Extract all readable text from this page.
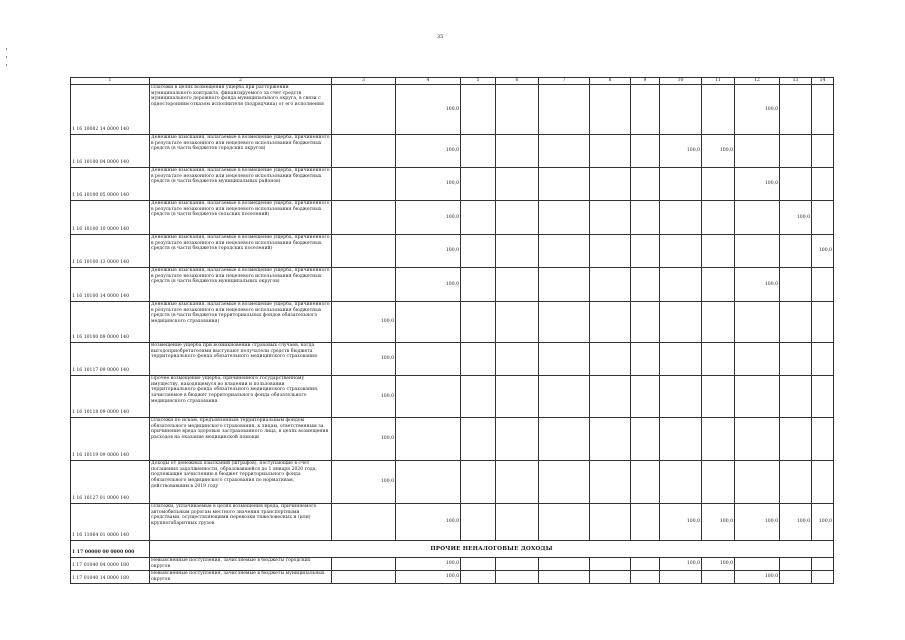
35
1	2	3	4	5	6	7	8	9	10	11	12	13	14
1 16 10082 14 0000 140	Платежи в целях возмещения ущерба при расторжении муниципального контракта, финансируемого за счет средств муниципального дорожного фонда муниципального округа, в связи с односторонним отказом исполнителя (подрядчика) от его исполнения		100,0								100,0		
1 16 10100 04 0000 140	Денежные взыскания, налагаемые в возмещение ущерба, причиненного в результате незаконного или нецелевого использования бюджетных средств (в части бюджетов городских округов)		100,0						100,0	100,0			
1 16 10100 05 0000 140	Денежные взыскания, налагаемые в возмещение ущерба, причиненного в результате незаконного или нецелевого использования бюджетных средств (в части бюджетов муниципальных районов)		100,0								100,0		
1 16 10100 10 0000 140	Денежные взыскания, налагаемые в возмещение ущерба, причиненного в результате незаконного или нецелевого использования бюджетных средств (в части бюджетов сельских поселений)		100,0									100,0	
1 16 10100 13 0000 140	Денежные взыскания, налагаемые в возмещение ущерба, причиненного в результате незаконного или нецелевого использования бюджетных средств (в части бюджетов городских поселений)		100,0										100,0
1 16 10100 14 0000 140	Денежные взыскания, налагаемые в возмещение ущерба, причиненного в результате незаконного или нецелевого использования бюджетных средств (в части бюджетов муниципальных округов)		100,0								100,0		
1 16 10100 09 0000 140	Денежные взыскания, налагаемые в возмещение ущерба, причиненного в результате незаконного или нецелевого использования бюджетных средств (в части бюджетов территориальных фондов обязательного медицинского страхования)	100,0											
1 16 10117 09 0000 140	Возмещение ущерба при возникновении страховых случаев, когда выгодоприобретателями выступают получатели средств бюджета территориального фонда обязательного медицинского страхования	100,0											
1 16 10118 09 0000 140	Прочее возмещение ущерба, причиненного государственному имуществу, находящемуся во владении и пользовании территориального фонда обязательного медицинского страхования, зачисляемое в бюджет территориального фонда обязательного медицинского страхования	100,0											
1 16 10119 09 0000 140	Платежи по искам, предъявленным территориальным фондом обязательного медицинского страхования, к лицам, ответственным за причинение вреда здоровью застрахованного лица, в целях возмещения расходов на оказание медицинской помощи	100,0											
1 16 10127 01 0000 140	Доходы от денежных взысканий (штрафов), поступающие в счет погашения задолженности, образовавшейся до 1 января 2020 года, подлежащие зачислению в бюджет территориального фонда обязательного медицинского страхования по нормативам, действовавшим в 2019 году	100,0											
1 16 11064 01 0000 140	Платежи, уплачиваемые в целях возмещения вреда, причиняемого автомобильным дорогам местного значения транспортными средствами, осуществляющими перевозки тяжеловесных и (или) крупногабаритных грузов		100,0						100,0	100,0	100,0	100,0	100,0
1 17 00000 00 0000 000	ПРОЧИЕ НЕНАЛОГОВЫЕ ДОХОДЫ												
1 17 01040 04 0000 180	Невыясненные поступления, зачисляемые в бюджеты городских округов		100,0						100,0	100,0			
1 17 01040 14 0000 180	Невыясненные поступления, зачисляемые в бюджеты муниципальных округов		100,0								100,0		
